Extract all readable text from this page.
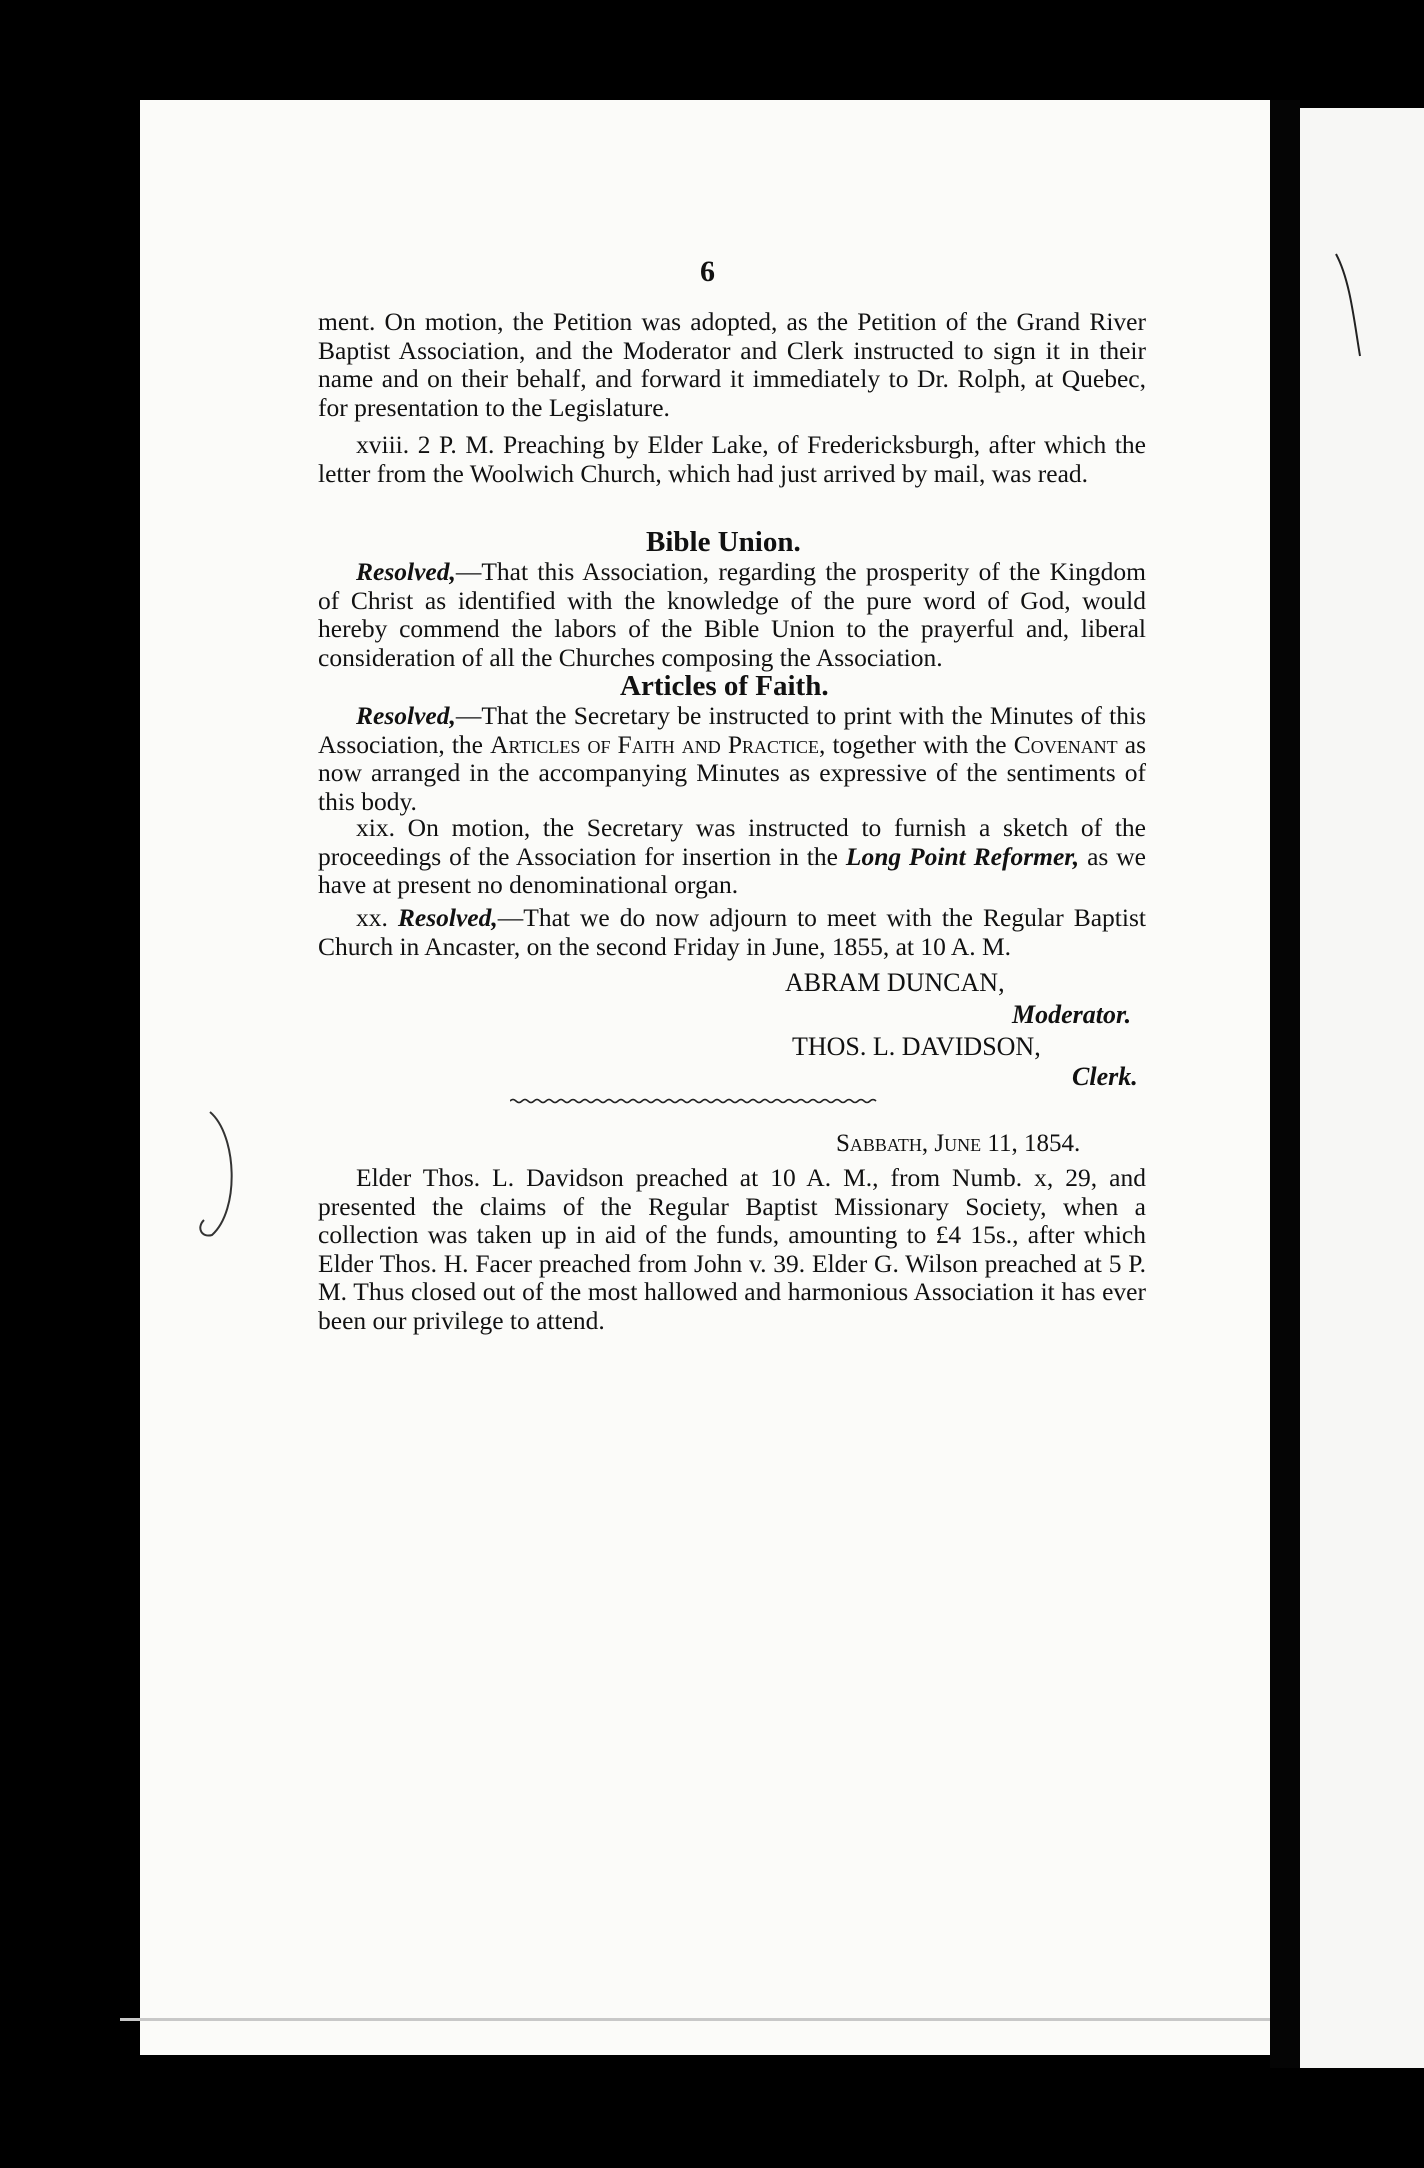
6

ment. On motion, the Petition was adopted, as the Petition of the Grand River Baptist Association, and the Moderator and Clerk instructed to sign it in their name and on their behalf, and forward it immediately to Dr. Rolph, at Quebec, for presentation to the Legislature.

xviii. 2 P. M. Preaching by Elder Lake, of Fredericksburgh, after which the letter from the Woolwich Church, which had just arrived by mail, was read.

Bible Union.

Resolved,—That this Association, regarding the prosperity of the Kingdom of Christ as identified with the knowledge of the pure word of God, would hereby commend the labors of the Bible Union to the prayerful and, liberal consideration of all the Churches composing the Association.

Articles of Faith.

Resolved,—That the Secretary be instructed to print with the Minutes of this Association, the Articles of Faith and Practice, together with the Covenant as now arranged in the accompanying Minutes as expressive of the sentiments of this body.

xix. On motion, the Secretary was instructed to furnish a sketch of the proceedings of the Association for insertion in the Long Point Reformer, as we have at present no denominational organ.

xx. Resolved,—That we do now adjourn to meet with the Regular Baptist Church in Ancaster, on the second Friday in June, 1855, at 10 A. M.

ABRAM DUNCAN,
Moderator.
THOS. L. DAVIDSON,
Clerk.
Sabbath, June 11, 1854.

Elder Thos. L. Davidson preached at 10 A. M., from Numb. x, 29, and presented the claims of the Regular Baptist Missionary Society, when a collection was taken up in aid of the funds, amounting to £4 15s., after which Elder Thos. H. Facer preached from John v. 39. Elder G. Wilson preached at 5 P. M. Thus closed out of the most hallowed and harmonious Association it has ever been our privilege to attend.
